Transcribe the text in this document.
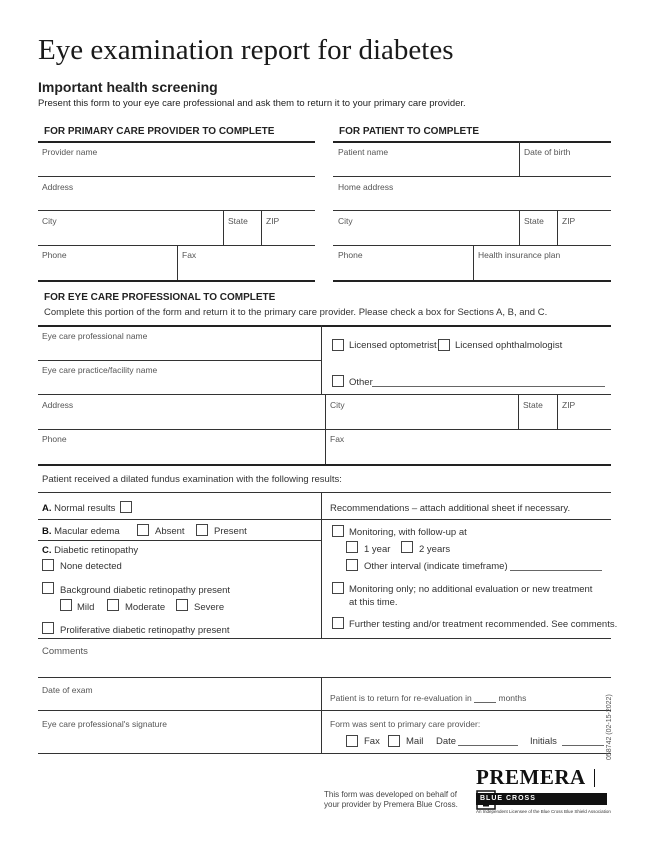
Eye examination report for diabetes
Important health screening
Present this form to your eye care professional and ask them to return it to your primary care provider.
FOR PRIMARY CARE PROVIDER TO COMPLETE	FOR PATIENT TO COMPLETE
Provider name
Address
City	State ZIP
Phone	Fax
Patient name	Date of birth
Home address
City	State ZIP
Phone	Health insurance plan
FOR EYE CARE PROFESSIONAL TO COMPLETE
Complete this portion of the form and return it to the primary care provider. Please check a box for Sections A, B, and C.
Eye care professional name
Eye care practice/facility name
Licensed optometrist Licensed ophthalmologist
Other
Address	City	State ZIP
Phone	Fax
Patient received a dilated fundus examination with the following results:
A. Normal results
B. Macular edema	Absent	Present
C. Diabetic retinopathy
None detected
Background diabetic retinopathy present
Mild	Moderate	Severe
Proliferative diabetic retinopathy present
Recommendations – attach additional sheet if necessary.
Monitoring, with follow-up at
1 year	2 years
Other interval (indicate timeframe)
Monitoring only; no additional evaluation or new treatment
at this time.
Further testing and/or treatment recommended. See comments.
Comments
Date of exam
Patient is to return for re-evaluation in	months
Eye care professional's signature	Form was sent to primary care provider:
Fax	Mail Date	Initials	058742 (02-15-2022)
This form was developed on behalf of
your provider by Premera Blue Cross.
PREMERA
BLUE CROSS
An Independent Licensee of the Blue Cross Blue Shield Association
